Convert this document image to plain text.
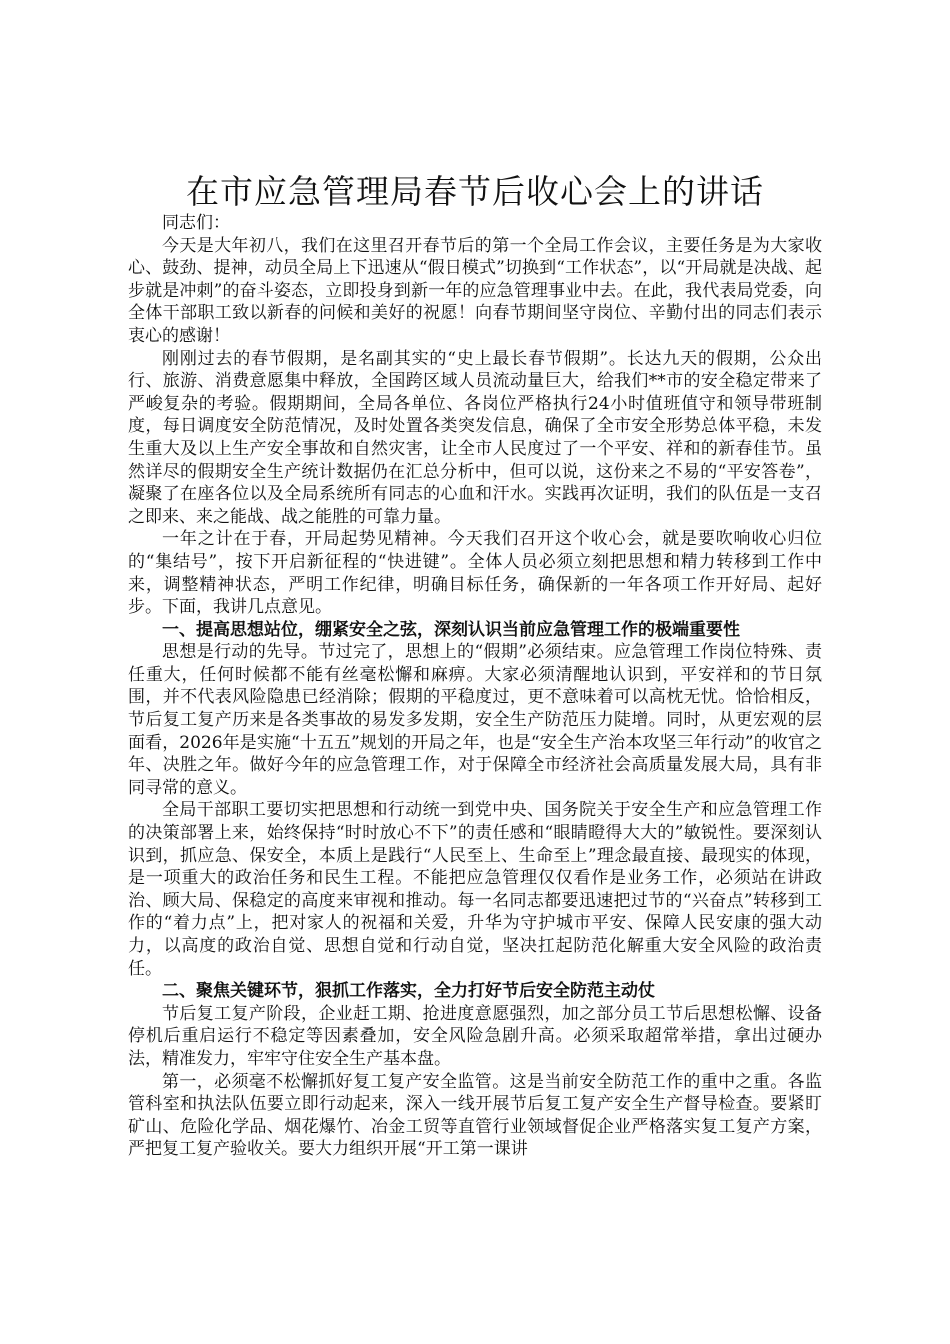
在市应急管理局春节后收心会上的讲话

同志们：

今天是大年初八，我们在这里召开春节后的第一个全局工作会议，主要任务是为大家收心、鼓劲、提神，动员全局上下迅速从“假日模式”切换到“工作状态”，以“开局就是决战、起步就是冲刺”的奋斗姿态，立即投身到新一年的应急管理事业中去。在此，我代表局党委，向全体干部职工致以新春的问候和美好的祝愿！向春节期间坚守岗位、辛勤付出的同志们表示衷心的感谢！

刚刚过去的春节假期，是名副其实的“史上最长春节假期”。长达九天的假期，公众出行、旅游、消费意愿集中释放，全国跨区域人员流动量巨大，给我们**市的安全稳定带来了严峻复杂的考验。假期期间，全局各单位、各岗位严格执行24小时值班值守和领导带班制度，每日调度安全防范情况，及时处置各类突发信息，确保了全市安全形势总体平稳，未发生重大及以上生产安全事故和自然灾害，让全市人民度过了一个平安、祥和的新春佳节。虽然详尽的假期安全生产统计数据仍在汇总分析中，但可以说，这份来之不易的“平安答卷”，凝聚了在座各位以及全局系统所有同志的心血和汗水。实践再次证明，我们的队伍是一支召之即来、来之能战、战之能胜的可靠力量。

一年之计在于春，开局起势见精神。今天我们召开这个收心会，就是要吹响收心归位的“集结号”，按下开启新征程的“快进键”。全体人员必须立刻把思想和精力转移到工作中来，调整精神状态，严明工作纪律，明确目标任务，确保新的一年各项工作开好局、起好步。下面，我讲几点意见。

一、提高思想站位，绷紧安全之弦，深刻认识当前应急管理工作的极端重要性

思想是行动的先导。节过完了，思想上的“假期”必须结束。应急管理工作岗位特殊、责任重大，任何时候都不能有丝毫松懈和麻痹。大家必须清醒地认识到，平安祥和的节日氛围，并不代表风险隐患已经消除；假期的平稳度过，更不意味着可以高枕无忧。恰恰相反，节后复工复产历来是各类事故的易发多发期，安全生产防范压力陡增。同时，从更宏观的层面看，2026年是实施“十五五”规划的开局之年，也是“安全生产治本攻坚三年行动”的收官之年、决胜之年。做好今年的应急管理工作，对于保障全市经济社会高质量发展大局，具有非同寻常的意义。

全局干部职工要切实把思想和行动统一到党中央、国务院关于安全生产和应急管理工作的决策部署上来，始终保持“时时放心不下”的责任感和“眼睛瞪得大大的”敏锐性。要深刻认识到，抓应急、保安全，本质上是践行“人民至上、生命至上”理念最直接、最现实的体现，是一项重大的政治任务和民生工程。不能把应急管理仅仅看作是业务工作，必须站在讲政治、顾大局、保稳定的高度来审视和推动。每一名同志都要迅速把过节的“兴奋点”转移到工作的“着力点”上，把对家人的祝福和关爱，升华为守护城市平安、保障人民安康的强大动力，以高度的政治自觉、思想自觉和行动自觉，坚决扛起防范化解重大安全风险的政治责任。

二、聚焦关键环节，狠抓工作落实，全力打好节后安全防范主动仗

节后复工复产阶段，企业赶工期、抢进度意愿强烈，加之部分员工节后思想松懈、设备停机后重启运行不稳定等因素叠加，安全风险急剧升高。必须采取超常举措，拿出过硬办法，精准发力，牢牢守住安全生产基本盘。

第一，必须毫不松懈抓好复工复产安全监管。这是当前安全防范工作的重中之重。各监管科室和执法队伍要立即行动起来，深入一线开展节后复工复产安全生产督导检查。要紧盯矿山、危险化学品、烟花爆竹、冶金工贸等直管行业领域督促企业严格落实复工复产方案，严把复工复产验收关。要大力组织开展“开工第一课讲
